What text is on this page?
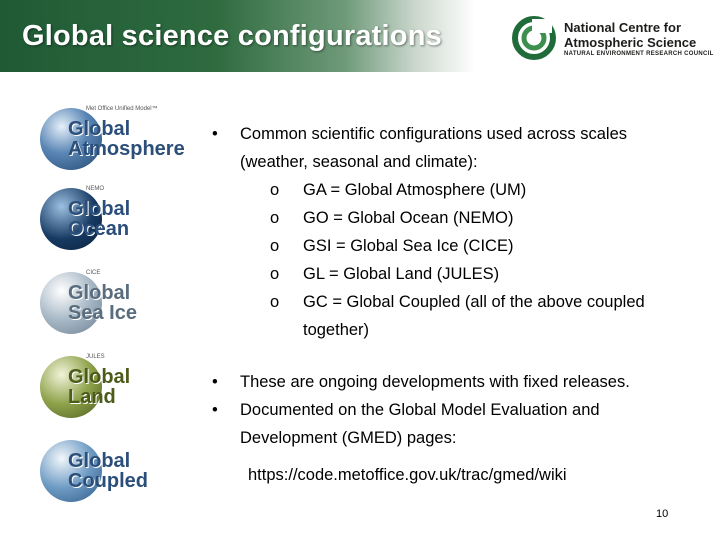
Global science configurations	National Centre for
Atmospheric Science
NATURAL ENVIRONMENT RESEARCH COUNCIL
Met Office Unified Model™
Global
Atmosphere
NEMO
Global
Ocean
CICE
Global
Sea Ice
JULES
Global
Land
Global
Coupled
• Common scientific configurations used across scales
(weather, seasonal and climate):
o GA = Global Atmosphere (UM)
o GO = Global Ocean (NEMO)
o GSI = Global Sea Ice (CICE)
o GL = Global Land (JULES)
o GC = Global Coupled (all of the above coupled
together)
• These are ongoing developments with fixed releases.
• Documented on the Global Model Evaluation and
Development (GMED) pages:
https://code.metoffice.gov.uk/trac/gmed/wiki
10
